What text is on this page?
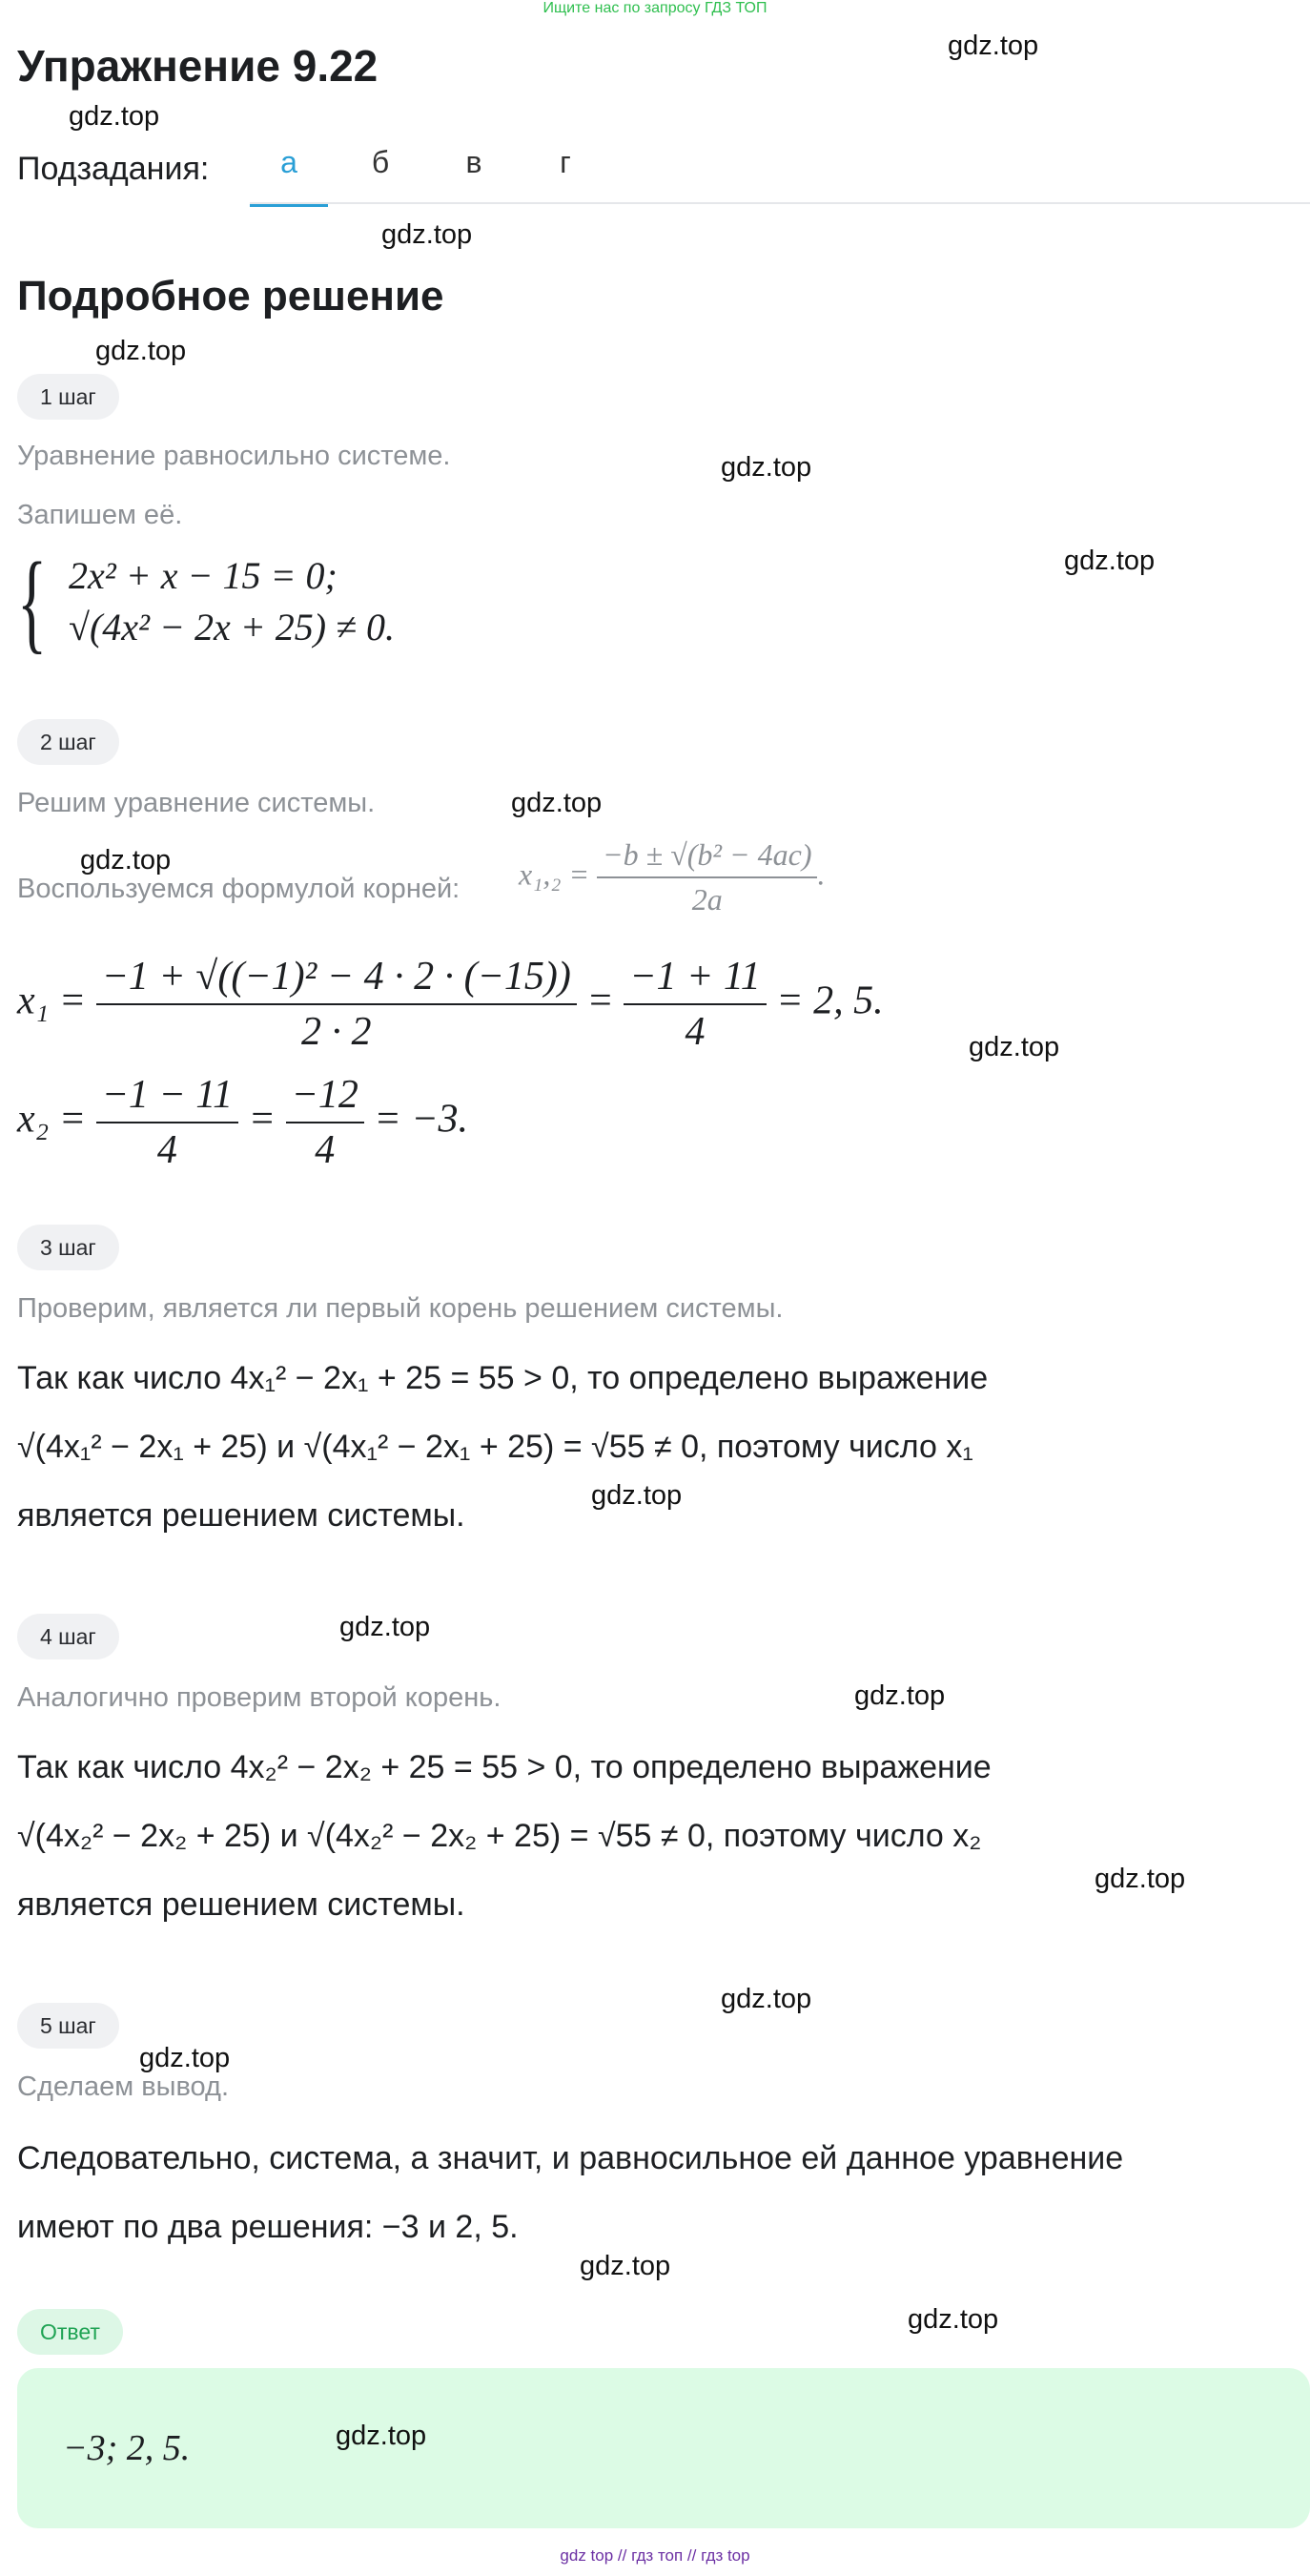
Ищите нас по запросу ГДЗ ТОП
Упражнение 9.22
Подзадания:	а	б	в	г
Подробное решение
1 шаг
Уравнение равносильно системе.
Запишем её.
{ 2x² + x − 15 = 0;
√(4x² − 2x + 25) ≠ 0.
2 шаг
Решим уравнение системы.
Воспользуемся формулой корней: $x_1,_2 = \frac{\text{−b ± √(b² − 4ac)}}{2a}$ .
$x_1 = \frac{\text{−1 + √((−1)² − 4 · 2 · (−15))}}{2 \cdot 2} = \frac{-1 + 11}{4} = 2$, 5.
$x_2 = \frac{-1 - 11}{4} = \frac{-12}{4} = -3$.
3 шаг
Проверим, является ли первый корень решением системы.
Так как число 4x₁² − 2x₁ + 25 = 55 > 0, то определено выражение
√(4x₁² − 2x₁ + 25) и √(4x₁² − 2x₁ + 25) = √55 ≠ 0, поэтому число x₁
является решением системы.
4 шаг
Аналогично проверим второй корень.
Так как число 4x₂² − 2x₂ + 25 = 55 > 0, то определено выражение
√(4x₂² − 2x₂ + 25) и √(4x₂² − 2x₂ + 25) = √55 ≠ 0, поэтому число x₂
является решением системы.
5 шаг
Сделаем вывод.
Следовательно, система, а значит, и равносильное ей данное уравнение
имеют по два решения: −3 и 2, 5.
Ответ
−3; 2, 5.
gdz.top
gdz.top
gdz.top
gdz.top
gdz.top
gdz.top
gdz.top
gdz.top
gdz.top
gdz.top
gdz.top
gdz.top
gdz.top
gdz.top
gdz.top
gdz.top
gdz.top
gdz.top
gdz top // гдз топ // гдз top
